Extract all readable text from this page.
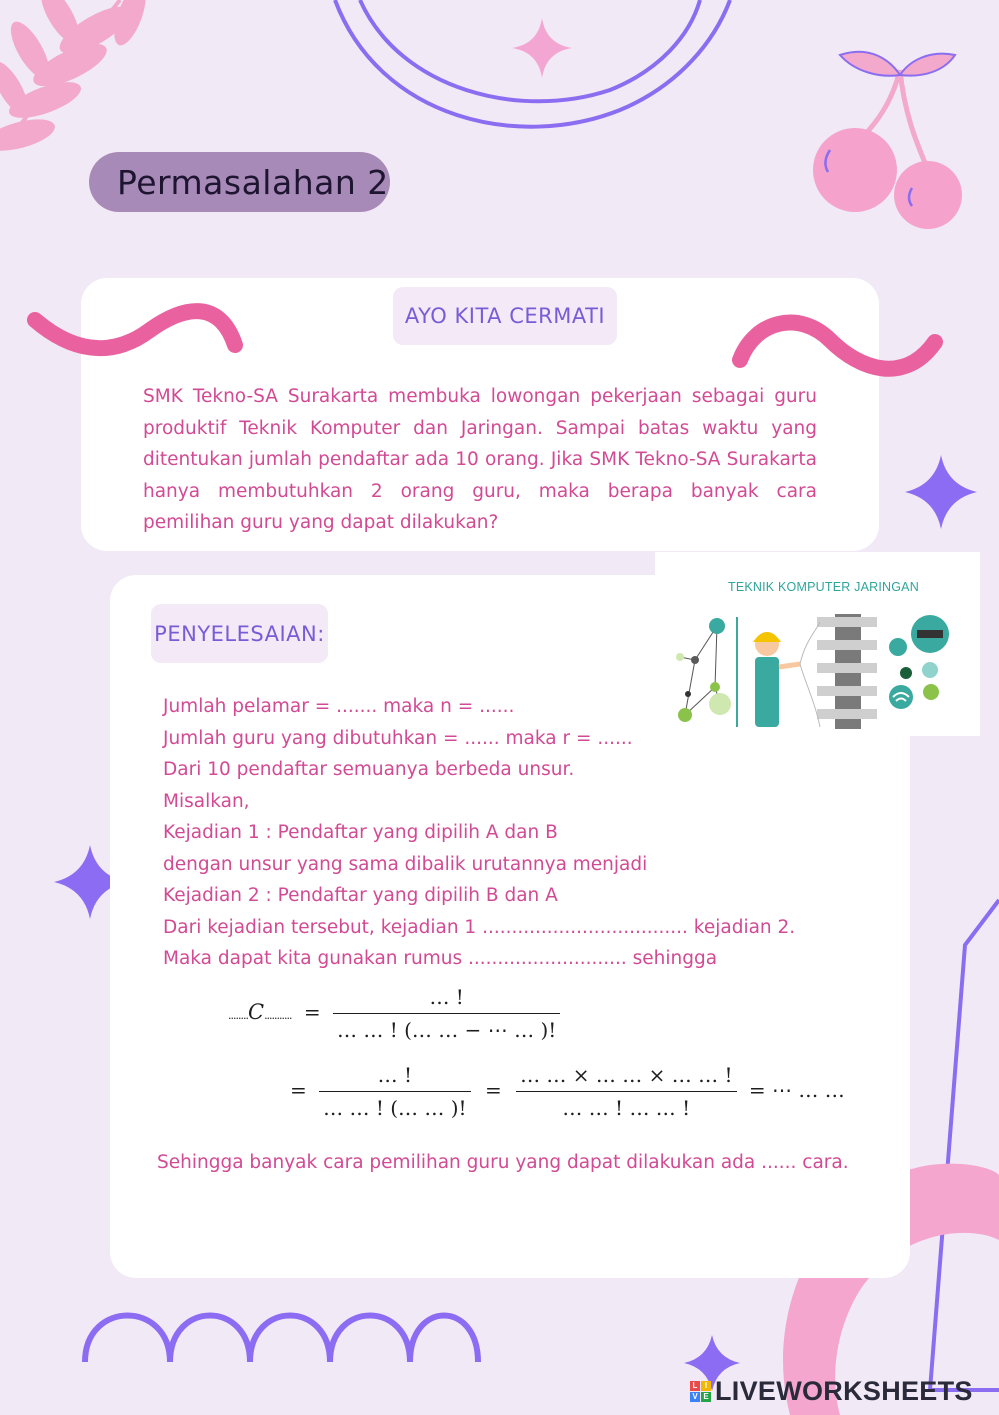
Permasalahan 2
AYO KITA CERMATI
SMK Tekno-SA Surakarta membuka lowongan pekerjaan sebagai guru produktif Teknik Komputer dan Jaringan. Sampai batas waktu yang ditentukan jumlah pendaftar ada 10 orang. Jika SMK Tekno-SA Surakarta hanya membutuhkan 2 orang guru, maka berapa banyak cara pemilihan guru yang dapat dilakukan?
PENYELESAIAN:
TEKNIK KOMPUTER JARINGAN
Jumlah pelamar = ....... maka n = ......
Jumlah guru yang dibutuhkan = ...... maka r = ......
Dari 10 pendaftar semuanya berbeda unsur.
Misalkan,
Kejadian 1 : Pendaftar yang dipilih A dan B
dengan unsur yang sama dibalik urutannya menjadi
Kejadian 2 : Pendaftar yang dipilih B dan A
Dari kejadian tersebut, kejadian 1 ................................... kejadian 2.
Maka dapat kita gunakan rumus ........................... sehingga
........C........... = $\frac{\dots !}{\dots \dots ! (\dots \dots - \cdots \dots )!}$
= $\frac{\dots !}{\dots \dots ! (\dots \dots )!} = \frac{\dots \dots \times \dots \dots \times \dots \dots !}{\dots \dots ! \dots \dots !}$ = ⋯ … …
Sehingga banyak cara pemilihan guru yang dapat dilakukan ada ...... cara.
L I
V E LIVEWORKSHEETS
